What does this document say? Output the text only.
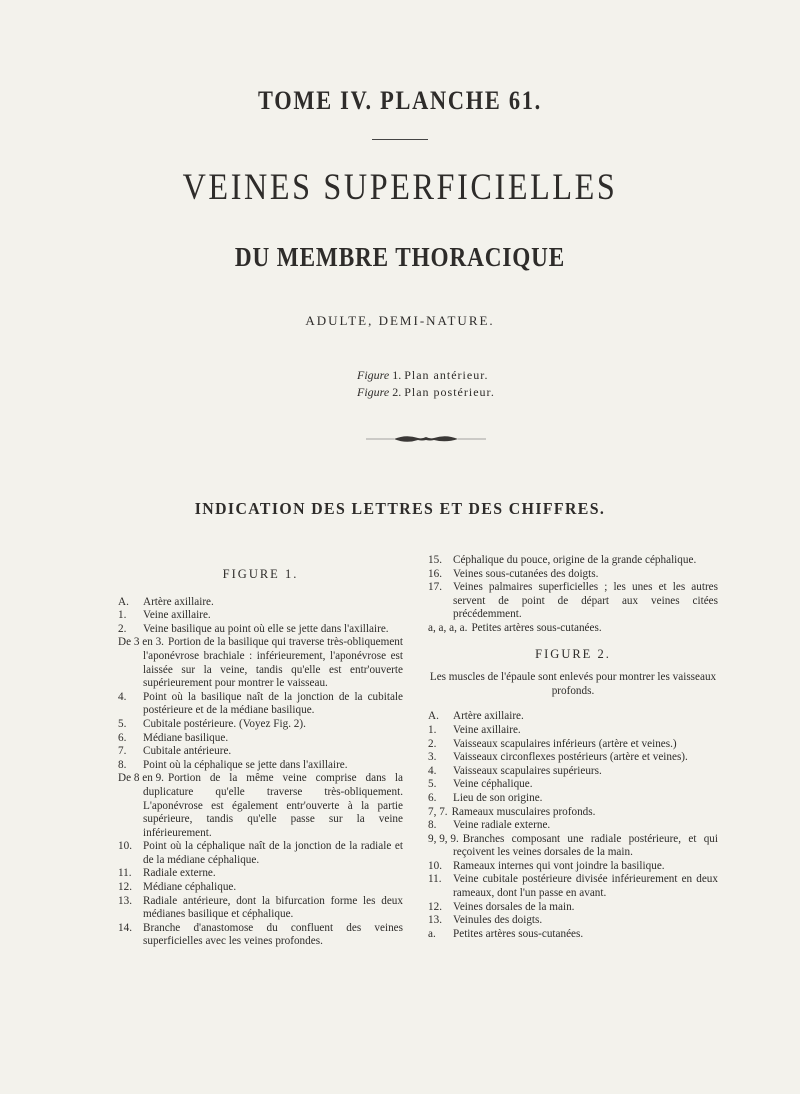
TOME IV. PLANCHE 61.
VEINES SUPERFICIELLES
DU MEMBRE THORACIQUE
ADULTE, DEMI-NATURE.
Figure 1. Plan antérieur.
Figure 2. Plan postérieur.
INDICATION DES LETTRES ET DES CHIFFRES.
FIGURE 1.

A. Artère axillaire.

1. Veine axillaire.

2. Veine basilique au point où elle se jette dans l'axillaire.

De 3 en 3. Portion de la basilique qui traverse très-obliquement l'aponévrose brachiale : inférieurement, l'aponévrose est laissée sur la veine, tandis qu'elle est entr'ouverte supérieurement pour montrer le vaisseau.

4. Point où la basilique naît de la jonction de la cubitale postérieure et de la médiane basilique.

5. Cubitale postérieure. (Voyez Fig. 2).

6. Médiane basilique.

7. Cubitale antérieure.

8. Point où la céphalique se jette dans l'axillaire.

De 8 en 9. Portion de la même veine comprise dans la duplicature qu'elle traverse très-obliquement. L'aponévrose est également entr'ouverte à la partie supérieure, tandis qu'elle passe sur la veine inférieurement.

10. Point où la céphalique naît de la jonction de la radiale et de la médiane céphalique.

11. Radiale externe.

12. Médiane céphalique.

13. Radiale antérieure, dont la bifurcation forme les deux médianes basilique et céphalique.

14. Branche d'anastomose du confluent des veines superficielles avec les veines profondes.

15. Céphalique du pouce, origine de la grande céphalique.

16. Veines sous-cutanées des doigts.

17. Veines palmaires superficielles ; les unes et les autres servent de point de départ aux veines citées précédemment.

a, a, a, a. Petites artères sous-cutanées.

FIGURE 2.

Les muscles de l'épaule sont enlevés pour montrer les vaisseaux profonds.

A. Artère axillaire.

1. Veine axillaire.

2. Vaisseaux scapulaires inférieurs (artère et veines.)

3. Vaisseaux circonflexes postérieurs (artère et veines).

4. Vaisseaux scapulaires supérieurs.

5. Veine céphalique.

6. Lieu de son origine.

7, 7. Rameaux musculaires profonds.

8. Veine radiale externe.

9, 9, 9. Branches composant une radiale postérieure, et qui reçoivent les veines dorsales de la main.

10. Rameaux internes qui vont joindre la basilique.

11. Veine cubitale postérieure divisée inférieurement en deux rameaux, dont l'un passe en avant.

12. Veines dorsales de la main.

13. Veinules des doigts.

a. Petites artères sous-cutanées.
